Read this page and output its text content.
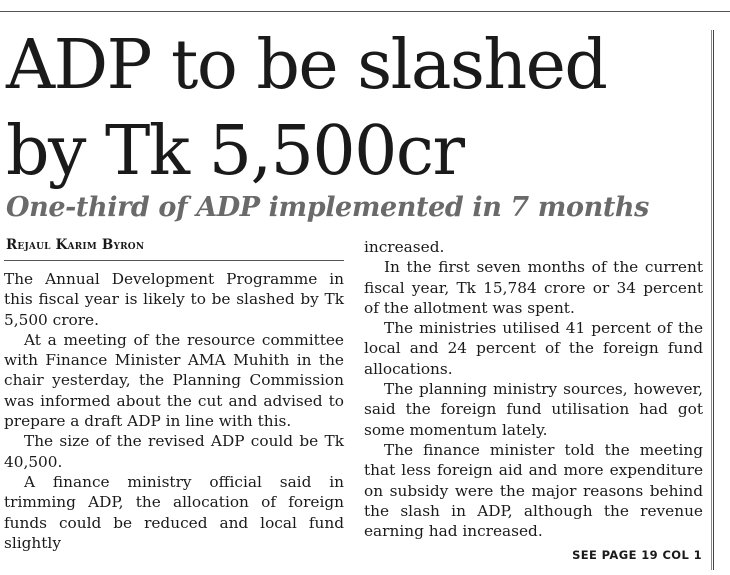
ADP to be slashed
by Tk 5,500cr
One-third of ADP implemented in 7 months
Rejaul Karim Byron

The Annual Development Programme in this fiscal year is likely to be slashed by Tk 5,500 crore.

At a meeting of the resource committee with Finance Minister AMA Muhith in the chair yesterday, the Planning Commission was informed about the cut and advised to prepare a draft ADP in line with this.

The size of the revised ADP could be Tk 40,500.

A finance ministry official said in trimming ADP, the allocation of foreign funds could be reduced and local fund slightly

increased.

In the first seven months of the current fiscal year, Tk 15,784 crore or 34 percent of the allotment was spent.

The ministries utilised 41 percent of the local and 24 percent of the foreign fund allocations.

The planning ministry sources, however, said the foreign fund utilisation had got some momentum lately.

The finance minister told the meeting that less foreign aid and more expenditure on subsidy were the major reasons behind the slash in ADP, although the revenue earning had increased.

SEE PAGE 19 COL 1
